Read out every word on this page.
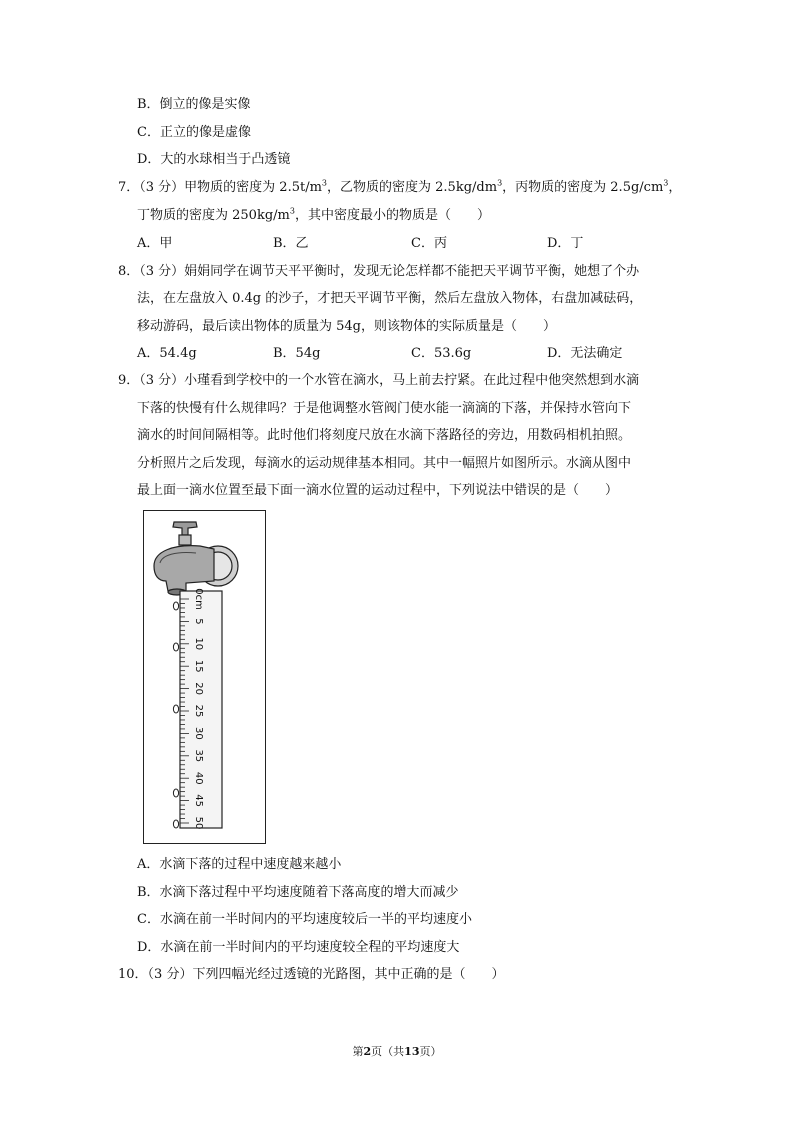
B．倒立的像是实像
C．正立的像是虚像
D．大的水球相当于凸透镜
7．（3 分）甲物质的密度为 $2.5t/m^3$，乙物质的密度为 $2.5kg/dm^3$，丙物质的密度为 $2.5g/cm^3$，
丁物质的密度为 $250kg/m^3$，其中密度最小的物质是（　　）
A．甲	B．乙	C．丙	D．丁
8．（3 分）娟娟同学在调节天平平衡时，发现无论怎样都不能把天平调节平衡，她想了个办
法，在左盘放入 0.4g 的沙子，才把天平调节平衡，然后左盘放入物体，右盘加减砝码，
移动游码，最后读出物体的质量为 54g，则该物体的实际质量是（　　）
A．54.4g	B．54g	C．53.6g	D．无法确定
9．（3 分）小瑾看到学校中的一个水管在滴水，马上前去拧紧。在此过程中他突然想到水滴
下落的快慢有什么规律吗？于是他调整水管阀门使水能一滴滴的下落，并保持水管向下
滴水的时间间隔相等。此时他们将刻度尺放在水滴下落路径的旁边，用数码相机拍照。
分析照片之后发现，每滴水的运动规律基本相同。其中一幅照片如图所示。水滴从图中
最上面一滴水位置至最下面一滴水位置的运动过程中，下列说法中错误的是（　　）
0cm
5
10
15
20
25
30
35
40
45
50
A．水滴下落的过程中速度越来越小
B．水滴下落过程中平均速度随着下落高度的增大而减少
C．水滴在前一半时间内的平均速度较后一半的平均速度小
D．水滴在前一半时间内的平均速度较全程的平均速度大
10．（3 分）下列四幅光经过透镜的光路图，其中正确的是（　　）
第2页（共13页）
